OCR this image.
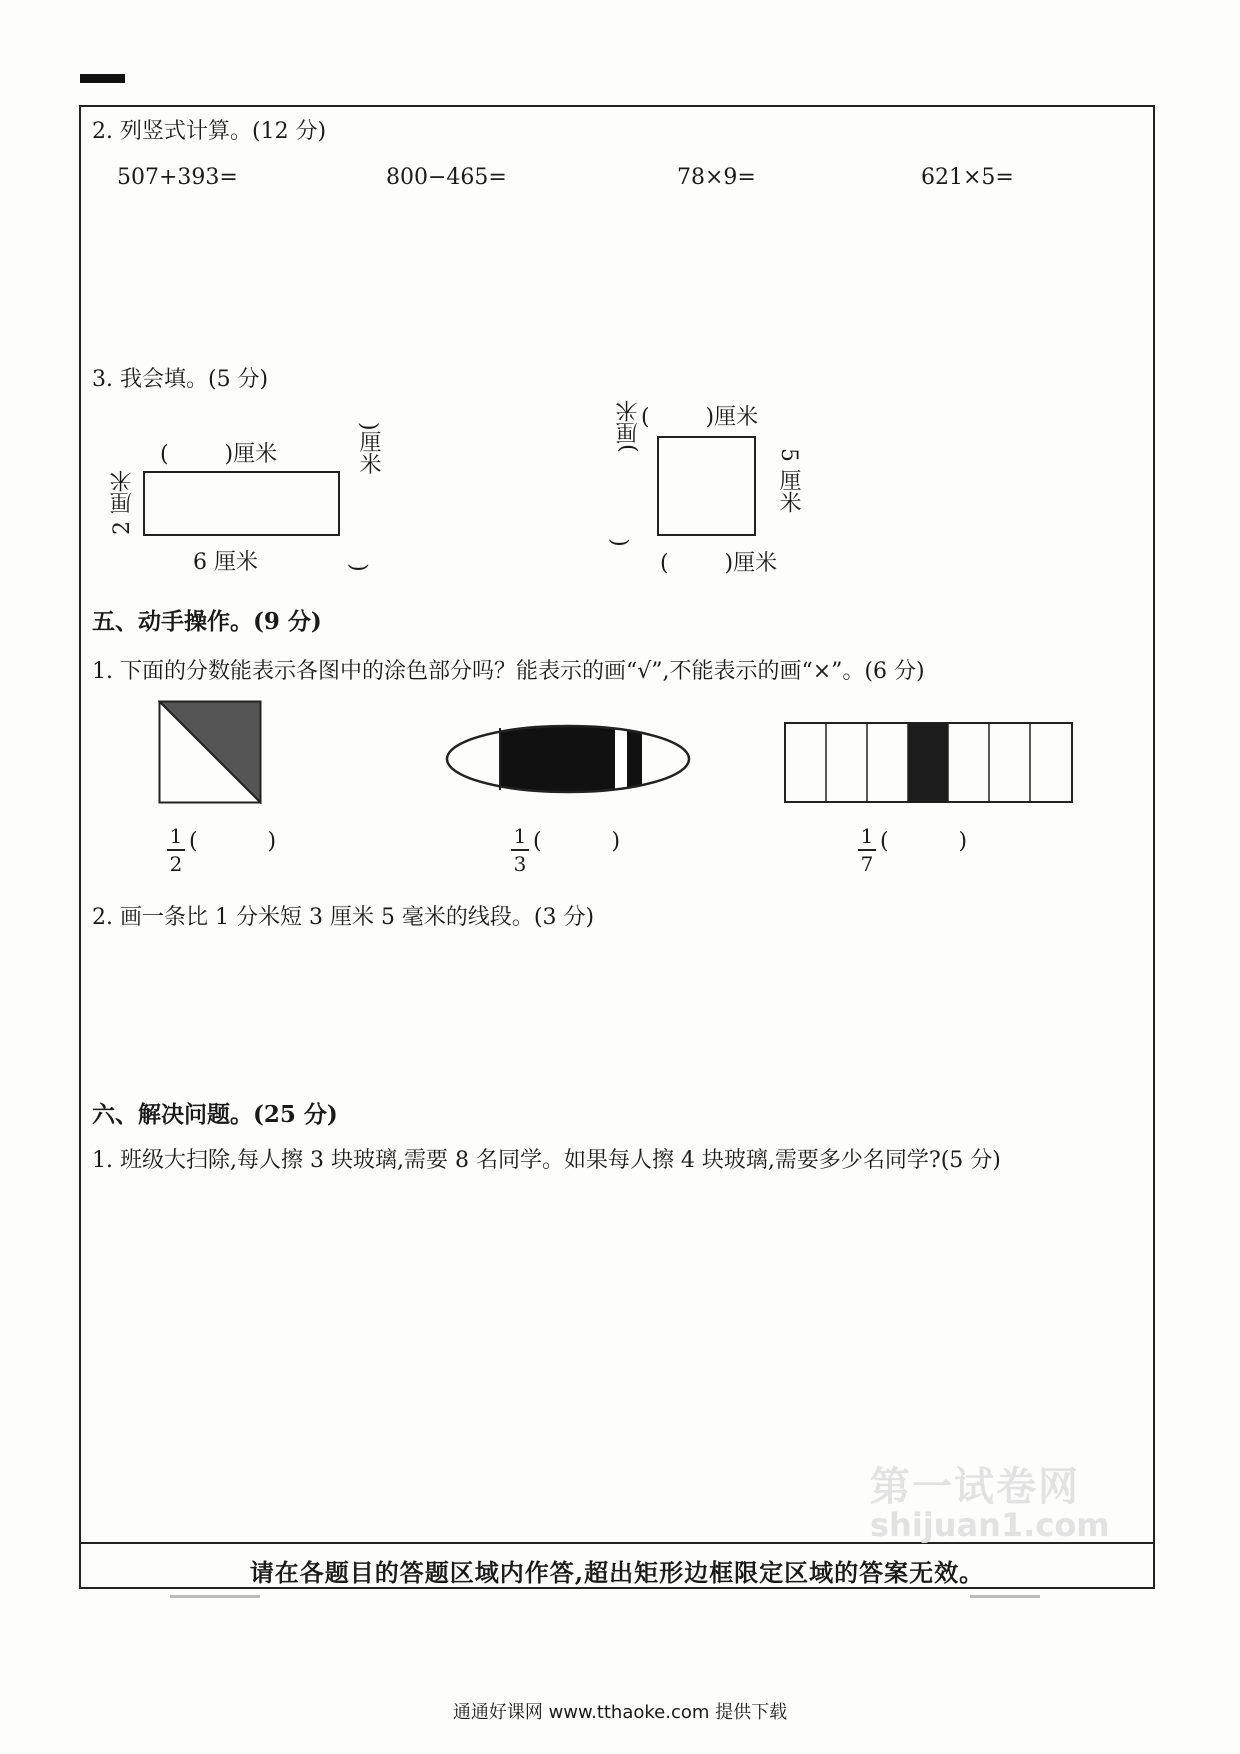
2. 列竖式计算。(12 分)
507+393=	800−465=	78×9=	621×5=
3. 我会填。(5 分)
(        )厘米	)厘米
(
2 厘米
6 厘米
(        )厘米
)厘米
(
5 厘米
(        )厘米
五、动手操作。(9 分)
1. 下面的分数能表示各图中的涂色部分吗？能表示的画“√”,不能表示的画“×”。(6 分)
1
2
(          )	1
3
(          )	1
7
(          )
2. 画一条比 1 分米短 3 厘米 5 毫米的线段。(3 分)
六、解决问题。(25 分)
1. 班级大扫除,每人擦 3 块玻璃,需要 8 名同学。如果每人擦 4 块玻璃,需要多少名同学?(5 分)
第一试卷网
shijuan1.com
请在各题目的答题区域内作答,超出矩形边框限定区域的答案无效。
通通好课网 www.tthaoke.com 提供下载
